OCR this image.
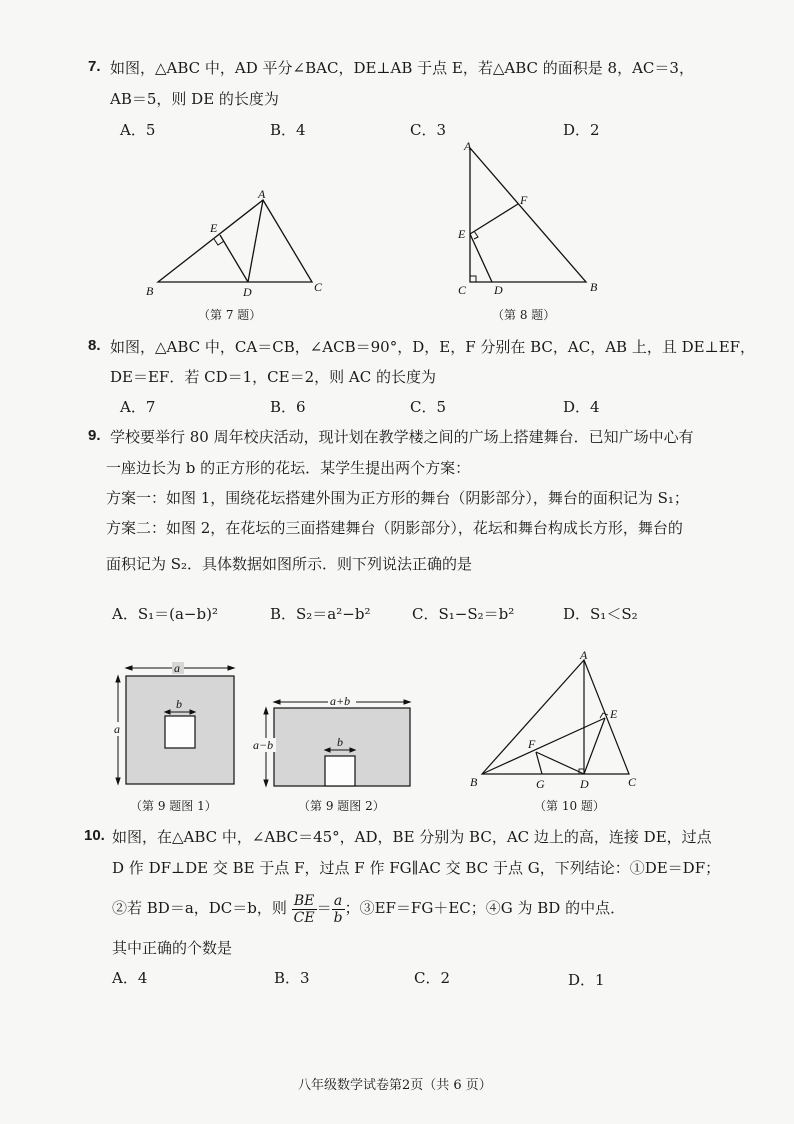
7. 如图，△ABC 中，AD 平分∠BAC，DE⊥AB 于点 E，若△ABC 的面积是 8，AC＝3，
AB＝5，则 DE 的长度为
A．5	B．4	C．3	D．2
A
B	C
D
E
（第 7 题）
A
B
C D
E
F
（第 8 题）
8. 如图，△ABC 中，CA＝CB，∠ACB＝90°，D，E，F 分别在 BC，AC，AB 上，且 DE⊥EF，
DE＝EF．若 CD＝1，CE＝2，则 AC 的长度为
A．7	B．6	C．5	D．4
9. 学校要举行 80 周年校庆活动，现计划在教学楼之间的广场上搭建舞台．已知广场中心有
一座边长为 b 的正方形的花坛．某学生提出两个方案：
方案一：如图 1，围绕花坛搭建外围为正方形的舞台（阴影部分），舞台的面积记为 S₁；
方案二：如图 2，在花坛的三面搭建舞台（阴影部分），花坛和舞台构成长方形，舞台的
面积记为 S₂．具体数据如图所示．则下列说法正确的是
A．S₁＝(a−b)²	B．S₂＝a²−b²	C．S₁−S₂＝b²	D．S₁＜S₂
a
a
b
（第 9 题图 1）
a+b
a−b	b
（第 9 题图 2）
A
B	C
D
E
F
G
（第 10 题）
10. 如图，在△ABC 中，∠ABC＝45°，AD，BE 分别为 BC，AC 边上的高，连接 DE，过点
D 作 DF⊥DE 交 BE 于点 F，过点 F 作 FG∥AC 交 BC 于点 G，下列结论：①DE＝DF；
②若 BD＝a，DC＝b，则 $\frac{BE}{CE} = \frac{a}{b}$ ；③EF＝FG＋EC；④G 为 BD 的中点．
其中正确的个数是
A．4	B．3	C．2	D．1
八年级数学试卷第2页（共 6 页）
